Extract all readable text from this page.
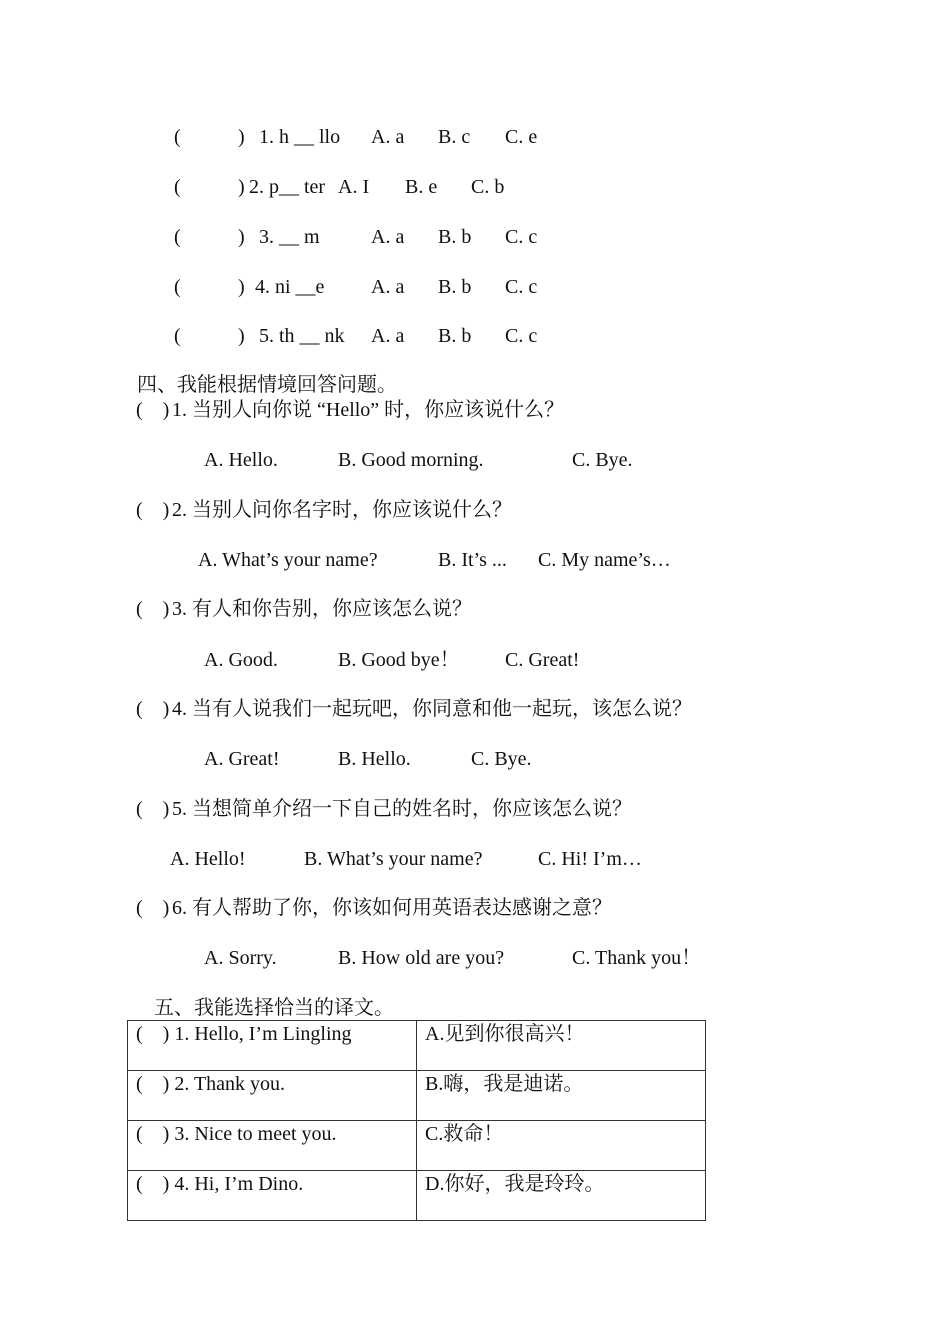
(	) 1. h __ llo A. a B. c C. e
(	) 2. p__ ter A. I B. e C. b
(	) 3. __ m	A. a B. b C. c
(	) 4. ni __e A. a B. b C. c
(	) 5. th __ nk A. a B. b C. c
四、我能根据情境回答问题。
(    ) 1. 当别人向你说 “Hello” 时，你应该说什么？
A. Hello.	B. Good morning.	C. Bye.
(    ) 2. 当别人问你名字时，你应该说什么？
A. What’s your name?	B. It’s ... C. My name’s…
(    ) 3. 有人和你告别，你应该怎么说？
A. Good.	B. Good bye！ C. Great!
(    ) 4. 当有人说我们一起玩吧，你同意和他一起玩，该怎么说？
A. Great!	B. Hello.	C. Bye.
(    ) 5. 当想简单介绍一下自己的姓名时，你应该怎么说？
A. Hello!	B. What’s your name?	C. Hi! I’m…
(    ) 6. 有人帮助了你，你该如何用英语表达感谢之意？
A. Sorry.	B. How old are you?	C. Thank you！
五、我能选择恰当的译文。
(    ) 1. Hello, I’m Lingling	A.见到你很高兴！
(    ) 2. Thank you.	B.嗨，我是迪诺。
(    ) 3. Nice to meet you.	C.救命！
(    ) 4. Hi, I’m Dino.	D.你好，我是玲玲。
